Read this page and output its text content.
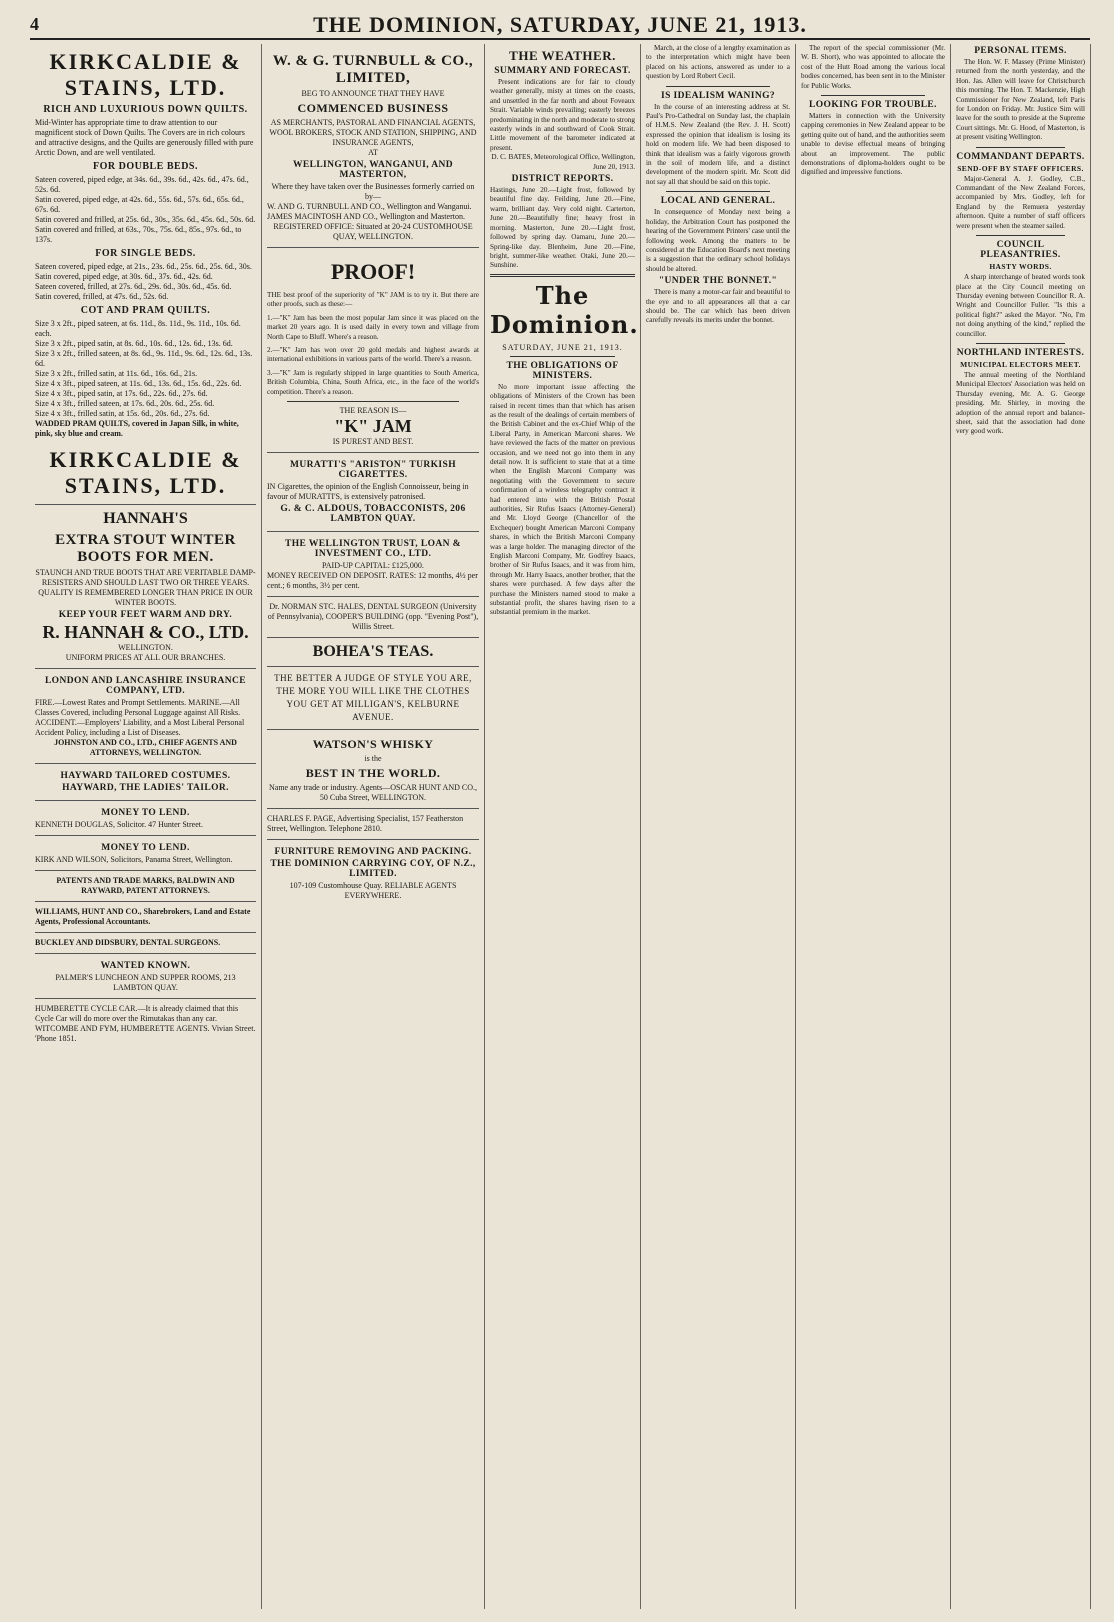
4	THE DOMINION, SATURDAY, JUNE 21, 1913.
KIRKCALDIE & STAINS, LTD.
RICH AND LUXURIOUS DOWN QUILTS.
Mid-Winter has appropriate time to draw attention to our magnificent stock of Down Quilts. The Covers are in rich colours and attractive designs, and the Quilts are generously filled with pure Arctic Down, and are well ventilated.
FOR DOUBLE BEDS.
Sateen covered, piped edge, at 34s. 6d., 39s. 6d., 42s. 6d., 47s. 6d., 52s. 6d.
Satin covered, piped edge, at 42s. 6d., 55s. 6d., 57s. 6d., 65s. 6d., 67s. 6d.
Satin covered and frilled, at 25s. 6d., 30s., 35s. 6d., 45s. 6d., 50s. 6d.
Satin covered and frilled, at 63s., 70s., 75s. 6d., 85s., 97s. 6d., to 137s.
FOR SINGLE BEDS.
Sateen covered, piped edge, at 21s., 23s. 6d., 25s. 6d., 25s. 6d., 30s.
Satin covered, piped edge, at 30s. 6d., 37s. 6d., 42s. 6d.
Sateen covered, frilled, at 27s. 6d., 29s. 6d., 30s. 6d., 45s. 6d.
Satin covered, frilled, at 47s. 6d., 52s. 6d.
COT AND PRAM QUILTS.
Size 3 x 2ft., piped sateen, at 6s. 11d., 8s. 11d., 9s. 11d., 10s. 6d. each.
Size 3 x 2ft., piped satin, at 8s. 6d., 10s. 6d., 12s. 6d., 13s. 6d.
Size 3 x 2ft., frilled sateen, at 8s. 6d., 9s. 11d., 9s. 6d., 12s. 6d., 13s. 6d.
Size 3 x 2ft., frilled satin, at 11s. 6d., 16s. 6d., 21s.
Size 4 x 3ft., piped sateen, at 11s. 6d., 13s. 6d., 15s. 6d., 22s. 6d.
Size 4 x 3ft., piped satin, at 17s. 6d., 22s. 6d., 27s. 6d.
Size 4 x 3ft., frilled sateen, at 17s. 6d., 20s. 6d., 25s. 6d.
Size 4 x 3ft., frilled satin, at 15s. 6d., 20s. 6d., 27s. 6d.
WADDED PRAM QUILTS, covered in Japan Silk, in white, pink, sky blue and cream.
KIRKCALDIE & STAINS, LTD.
HANNAH'S
EXTRA STOUT WINTER BOOTS FOR MEN.
STAUNCH AND TRUE BOOTS THAT ARE VERITABLE DAMP-RESISTERS AND SHOULD LAST TWO OR THREE YEARS. QUALITY IS REMEMBERED LONGER THAN PRICE IN OUR WINTER BOOTS.
KEEP YOUR FEET WARM AND DRY.
R. HANNAH & CO., LTD.
WELLINGTON.
UNIFORM PRICES AT ALL OUR BRANCHES.
LONDON AND LANCASHIRE INSURANCE COMPANY, LTD.
FIRE.—Lowest Rates and Prompt Settlements. MARINE.—All Classes Covered, including Personal Luggage against All Risks. ACCIDENT.—Employers' Liability, and a Most Liberal Personal Accident Policy, including a List of Diseases.
JOHNSTON AND CO., LTD., CHIEF AGENTS AND ATTORNEYS, WELLINGTON.
HAYWARD TAILORED COSTUMES.
HAYWARD, THE LADIES' TAILOR.
MONEY TO LEND.
KENNETH DOUGLAS, Solicitor. 47 Hunter Street.
MONEY TO LEND.
KIRK AND WILSON, Solicitors, Panama Street, Wellington.
PATENTS AND TRADE MARKS, BALDWIN AND RAYWARD, PATENT ATTORNEYS.
WILLIAMS, HUNT AND CO., Sharebrokers, Land and Estate Agents, Professional Accountants.
BUCKLEY AND DIDSBURY, DENTAL SURGEONS.
WANTED KNOWN.
PALMER'S LUNCHEON AND SUPPER ROOMS, 213 LAMBTON QUAY.
HUMBERETTE CYCLE CAR.—It is already claimed that this Cycle Car will do more over the Rimutakas than any car. WITCOMBE AND FYM, HUMBERETTE AGENTS. Vivian Street. 'Phone 1851.
W. & G. TURNBULL & CO., LIMITED,
BEG TO ANNOUNCE THAT THEY HAVE
COMMENCED BUSINESS
AS MERCHANTS, PASTORAL AND FINANCIAL AGENTS, WOOL BROKERS, STOCK AND STATION, SHIPPING, AND INSURANCE AGENTS,
AT
WELLINGTON, WANGANUI, AND MASTERTON,
Where they have taken over the Businesses formerly carried on by—
W. AND G. TURNBULL AND CO., Wellington and Wanganui.
JAMES MACINTOSH AND CO., Wellington and Masterton.
REGISTERED OFFICE: Situated at 20-24 CUSTOMHOUSE QUAY, WELLINGTON.
PROOF!
THE best proof of the superiority of "K" JAM is to try it. But there are other proofs, such as these:—
1.—"K" Jam has been the most popular Jam since it was placed on the market 20 years ago. It is used daily in every town and village from North Cape to Bluff. Where's a reason.
2.—"K" Jam has won over 20 gold medals and highest awards at international exhibitions in various parts of the world. There's a reason.
3.—"K" Jam is regularly shipped in large quantities to South America, British Columbia, China, South Africa, etc., in the face of the world's competition. There's a reason.
THE REASON IS—
"K" JAM
IS PUREST AND BEST.
MURATTI'S "ARISTON" TURKISH CIGARETTES.
IN Cigarettes, the opinion of the English Connoisseur, being in favour of MURATTI'S, is extensively patronised.
G. & C. ALDOUS, TOBACCONISTS, 206 LAMBTON QUAY.
THE WELLINGTON TRUST, LOAN & INVESTMENT CO., LTD.
PAID-UP CAPITAL: £125,000.
MONEY RECEIVED ON DEPOSIT. RATES: 12 months, 4½ per cent.; 6 months, 3½ per cent.
Dr. NORMAN STC. HALES, DENTAL SURGEON (University of Pennsylvania), COOPER'S BUILDING (opp. "Evening Post"), Willis Street.
BOHEA'S TEAS.
THE BETTER A JUDGE OF STYLE YOU ARE, THE MORE YOU WILL LIKE THE CLOTHES YOU GET AT MILLIGAN'S, KELBURNE AVENUE.
WATSON'S WHISKY
is the
BEST IN THE WORLD.
Name any trade or industry. Agents—OSCAR HUNT AND CO., 50 Cuba Street, WELLINGTON.
CHARLES F. PAGE, Advertising Specialist, 157 Featherston Street, Wellington. Telephone 2810.
FURNITURE REMOVING AND PACKING.
THE DOMINION CARRYING COY, OF N.Z., LIMITED.
107-109 Customhouse Quay. RELIABLE AGENTS EVERYWHERE.
THE WEATHER.
SUMMARY AND FORECAST.
Present indications are for fair to cloudy weather generally, misty at times on the coasts, and unsettled in the far north and about Foveaux Strait. Variable winds prevailing; easterly breezes predominating in the north and moderate to strong easterly winds in and southward of Cook Strait. Little movement of the barometer indicated at present.
D. C. BATES, Meteorological Office, Wellington, June 20, 1913.
DISTRICT REPORTS.
Hastings, June 20.—Light frost, followed by beautiful fine day. Feilding, June 20.—Fine, warm, brilliant day. Very cold night. Carterton, June 20.—Beautifully fine; heavy frost in morning. Masterton, June 20.—Light frost, followed by spring day. Oamaru, June 20.—Spring-like day. Blenheim, June 20.—Fine, bright, summer-like weather. Otaki, June 20.—Sunshine.
The Dominion.
SATURDAY, JUNE 21, 1913.
THE OBLIGATIONS OF MINISTERS.
No more important issue affecting the obligations of Ministers of the Crown has been raised in recent times than that which has arisen as the result of the dealings of certain members of the British Cabinet and the ex-Chief Whip of the Liberal Party, in American Marconi shares. We have reviewed the facts of the matter on previous occasion, and we need not go into them in any detail now. It is sufficient to state that at a time when the English Marconi Company was negotiating with the Government to secure confirmation of a wireless telegraphy contract it had entered into with the British Postal authorities, Sir Rufus Isaacs (Attorney-General) and Mr. Lloyd George (Chancellor of the Exchequer) bought American Marconi Company shares, in which the British Marconi Company was a large holder. The managing director of the English Marconi Company, Mr. Godfrey Isaacs, brother of Sir Rufus Isaacs, and it was from him, through Mr. Harry Isaacs, another brother, that the shares were purchased. A few days after the purchase the Ministers named stood to make a substantial profit, the shares having risen to a substantial premium in the market.
March, at the close of a lengthy examination as to the interpretation which might have been placed on his actions, answered as under to a question by Lord Robert Cecil.
IS IDEALISM WANING?
In the course of an interesting address at St. Paul's Pro-Cathedral on Sunday last, the chaplain of H.M.S. New Zealand (the Rev. J. H. Scott) expressed the opinion that idealism is losing its hold on modern life. We had been disposed to think that idealism was a fairly vigorous growth in the soil of modern life, and a distinct development of the modern spirit. Mr. Scott did not say all that should be said on this topic.
LOCAL AND GENERAL.
In consequence of Monday next being a holiday, the Arbitration Court has postponed the hearing of the Government Printers' case until the following week. Among the matters to be considered at the Education Board's next meeting is a suggestion that the ordinary school holidays should be altered.
"UNDER THE BONNET."
There is many a motor-car fair and beautiful to the eye and to all appearances all that a car should be. The car which has been driven carefully reveals its merits under the bonnet.
The report of the special commissioner (Mr. W. B. Short), who was appointed to allocate the cost of the Hutt Road among the various local bodies concerned, has been sent in to the Minister for Public Works.
LOOKING FOR TROUBLE.
Matters in connection with the University capping ceremonies in New Zealand appear to be getting quite out of hand, and the authorities seem unable to devise effectual means of bringing about an improvement. The public demonstrations of diploma-holders ought to be dignified and impressive functions.
PERSONAL ITEMS.
The Hon. W. F. Massey (Prime Minister) returned from the north yesterday, and the Hon. Jas. Allen will leave for Christchurch this morning. The Hon. T. Mackenzie, High Commissioner for New Zealand, left Paris for London on Friday. Mr. Justice Sim will leave for the south to preside at the Supreme Court sittings. Mr. G. Hood, of Masterton, is at present visiting Wellington.
COMMANDANT DEPARTS.
SEND-OFF BY STAFF OFFICERS.
Major-General A. J. Godley, C.B., Commandant of the New Zealand Forces, accompanied by Mrs. Godley, left for England by the Remuera yesterday afternoon. Quite a number of staff officers were present when the steamer sailed.
COUNCIL PLEASANTRIES.
HASTY WORDS.
A sharp interchange of heated words took place at the City Council meeting on Thursday evening between Councillor R. A. Wright and Councillor Fuller. "Is this a political fight?" asked the Mayor. "No, I'm not doing anything of the kind," replied the councillor.
NORTHLAND INTERESTS.
MUNICIPAL ELECTORS MEET.
The annual meeting of the Northland Municipal Electors' Association was held on Thursday evening, Mr. A. G. George presiding. Mr. Shirley, in moving the adoption of the annual report and balance-sheet, said that the association had done very good work.
